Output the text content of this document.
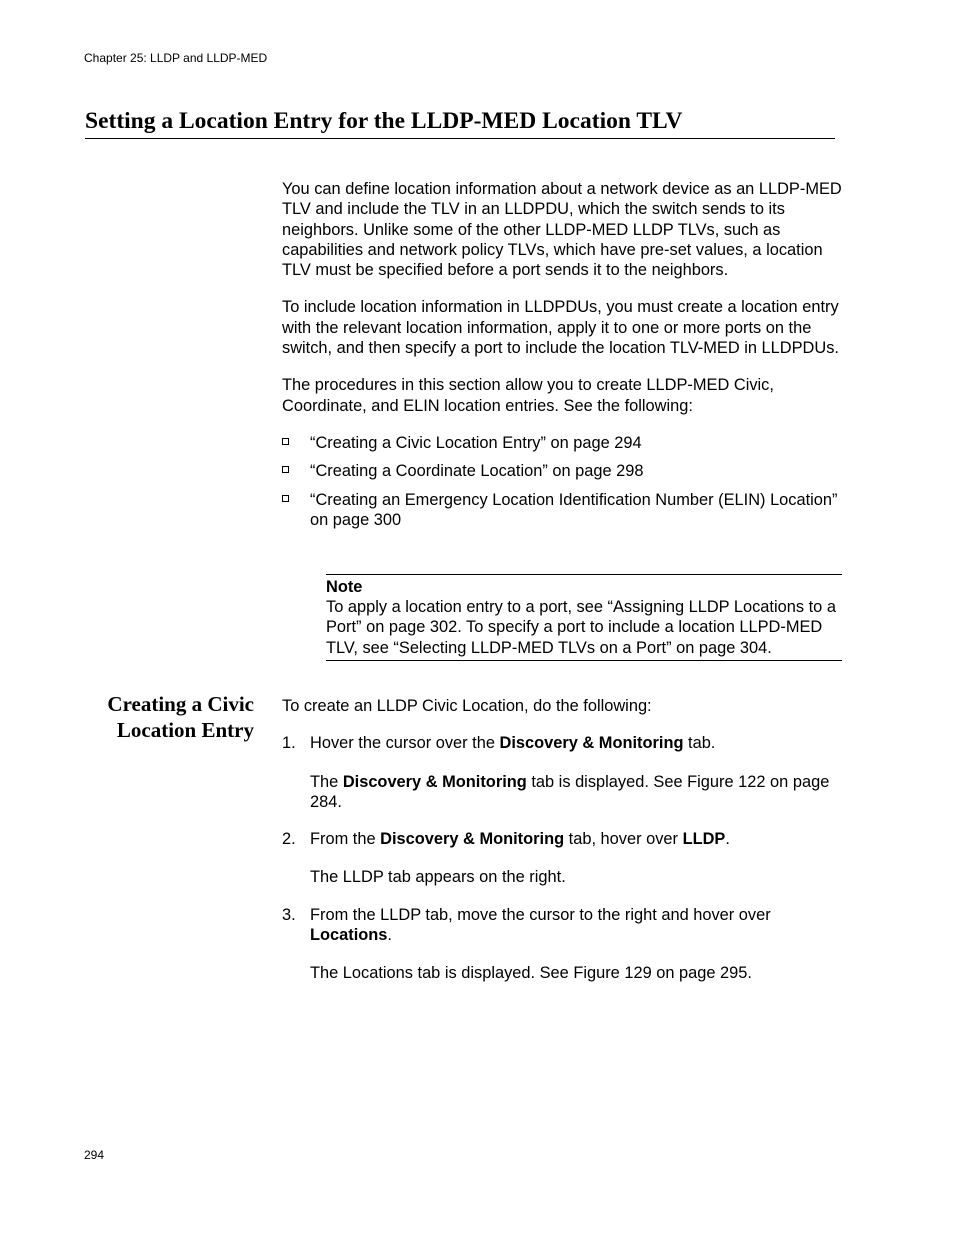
Chapter 25: LLDP and LLDP-MED
Setting a Location Entry for the LLDP-MED Location TLV

You can define location information about a network device as an LLDP-MED TLV and include the TLV in an LLDPDU, which the switch sends to its neighbors. Unlike some of the other LLDP-MED LLDP TLVs, such as capabilities and network policy TLVs, which have pre-set values, a location TLV must be specified before a port sends it to the neighbors.

To include location information in LLDPDUs, you must create a location entry with the relevant location information, apply it to one or more ports on the switch, and then specify a port to include the location TLV-MED in LLDPDUs.

The procedures in this section allow you to create LLDP-MED Civic, Coordinate, and ELIN location entries. See the following:

“Creating a Civic Location Entry” on page 294
“Creating a Coordinate Location” on page 298
“Creating an Emergency Location Identification Number (ELIN) Location” on page 300
Note
To apply a location entry to a port, see “Assigning LLDP Locations to a Port” on page 302. To specify a port to include a location LLPD-MED TLV, see “Selecting LLDP-MED TLVs on a Port” on page 304.
Creating a Civic Location Entry

To create an LLDP Civic Location, do the following:

1. Hover the cursor over the Discovery & Monitoring tab.

The Discovery & Monitoring tab is displayed. See Figure 122 on page 284.

2. From the Discovery & Monitoring tab, hover over LLDP.

The LLDP tab appears on the right.

3. From the LLDP tab, move the cursor to the right and hover over Locations.

The Locations tab is displayed. See Figure 129 on page 295.

294
